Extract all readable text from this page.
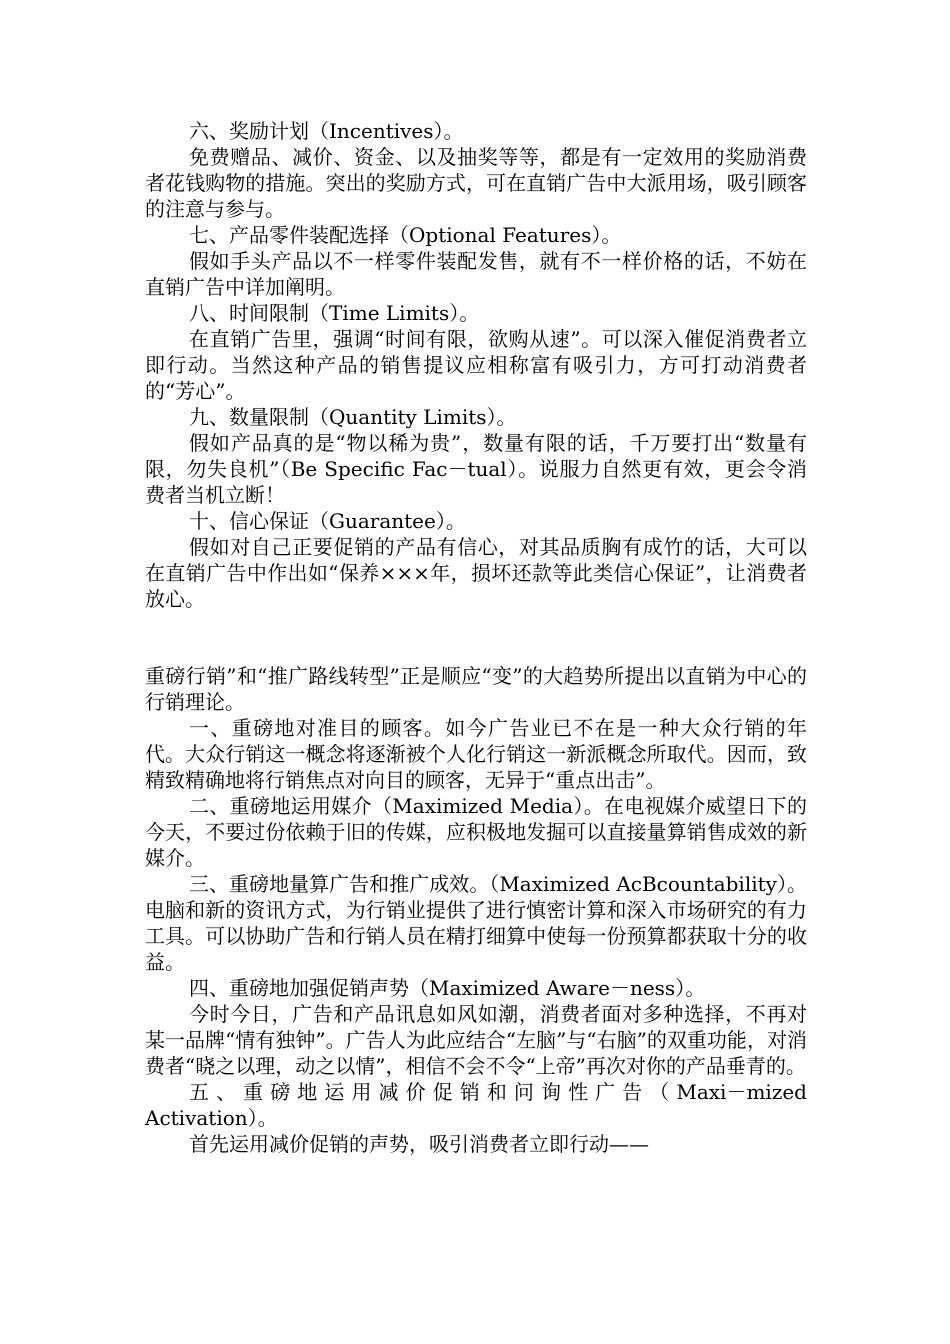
六、奖励计划（Incentives）。

免费赠品、减价、资金、以及抽奖等等，都是有一定效用的奖励消费者花钱购物的措施。突出的奖励方式，可在直销广告中大派用场，吸引顾客的注意与参与。

七、产品零件装配选择（Optional Features）。

假如手头产品以不一样零件装配发售，就有不一样价格的话，不妨在直销广告中详加阐明。

八、时间限制（Time Limits）。

在直销广告里，强调“时间有限，欲购从速”。可以深入催促消费者立即行动。当然这种产品的销售提议应相称富有吸引力，方可打动消费者的“芳心”。

九、数量限制（Quantity Limits）。

假如产品真的是“物以稀为贵”，数量有限的话，千万要打出“数量有限，勿失良机”（Be Specific Fac－tual）。说服力自然更有效，更会令消费者当机立断！

十、信心保证（Guarantee）。

假如对自己正要促销的产品有信心，对其品质胸有成竹的话，大可以在直销广告中作出如“保养×××年，损坏还款等此类信心保证”，让消费者放心。

重磅行销”和“推广路线转型”正是顺应“变”的大趋势所提出以直销为中心的行销理论。

一、重磅地对准目的顾客。如今广告业已不在是一种大众行销的年代。大众行销这一概念将逐渐被个人化行销这一新派概念所取代。因而，致精致精确地将行销焦点对向目的顾客，无异于“重点出击”。

二、重磅地运用媒介（Maximized Media）。在电视媒介威望日下的今天，不要过份依赖于旧的传媒，应积极地发掘可以直接量算销售成效的新媒介。

三、重磅地量算广告和推广成效。（Maximized AcBcountability）。电脑和新的资讯方式，为行销业提供了进行慎密计算和深入市场研究的有力工具。可以协助广告和行销人员在精打细算中使每一份预算都获取十分的收益。

四、重磅地加强促销声势（Maximized Aware－ness）。

今时今日，广告和产品讯息如风如潮，消费者面对多种选择，不再对某一品牌“情有独钟”。广告人为此应结合“左脑”与“右脑”的双重功能，对消费者“晓之以理，动之以情”，相信不会不令“上帝”再次对你的产品垂青的。

五、重磅地运用减价促销和问询性广告（Maxi－mized Activation）。

首先运用减价促销的声势，吸引消费者立即行动——
